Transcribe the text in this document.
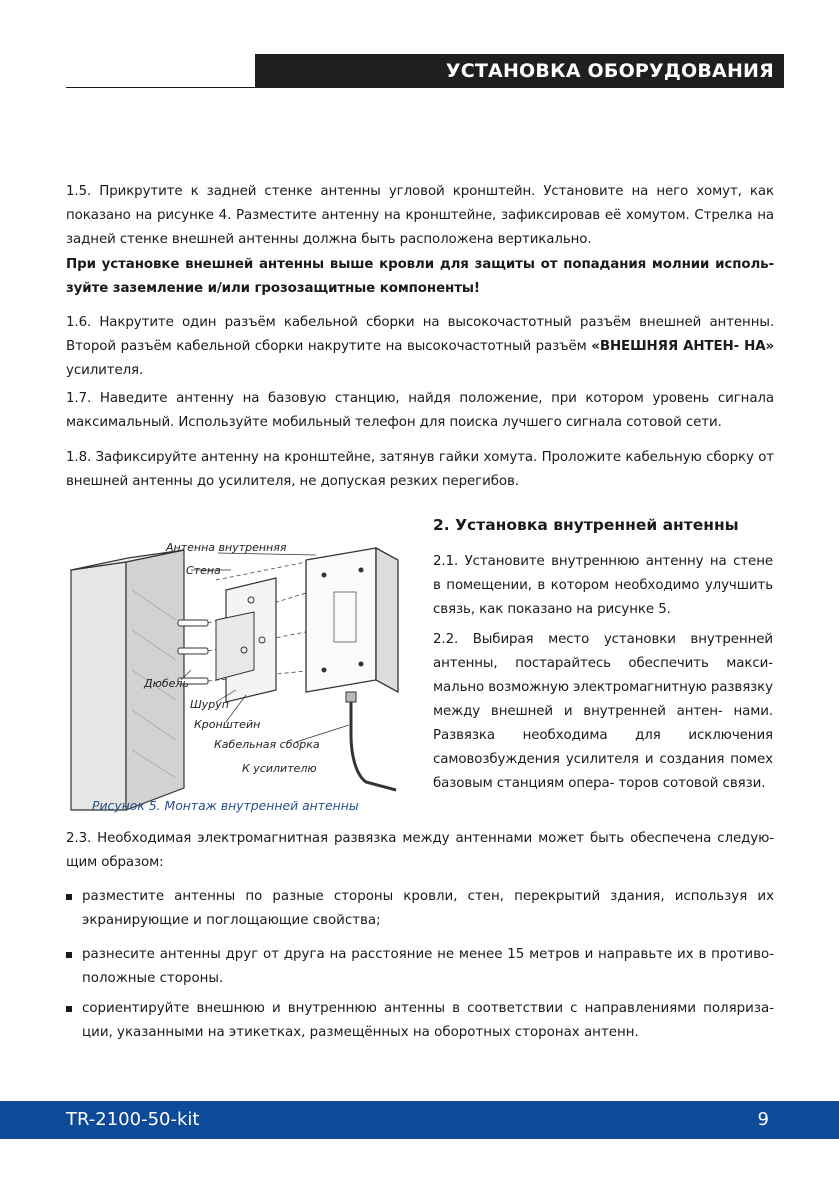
УСТАНОВКА ОБОРУДОВАНИЯ

1.5. Прикрутите к задней стенке антенны угловой кронштейн. Установите на него хомут, как показано на рисунке 4. Разместите антенну на кронштейне, зафиксировав её хомутом. Стрелка на задней стенке внешней антенны должна быть расположена вертикально.

При установке внешней антенны выше кровли для защиты от попадания молнии исполь- зуйте заземление и/или грозозащитные компоненты!

1.6. Накрутите один разъём кабельной сборки на высокочастотный разъём внешней антенны. Второй разъём кабельной сборки накрутите на высокочастотный разъём «ВНЕШНЯЯ АНТЕН- НА» усилителя.

1.7. Наведите антенну на базовую станцию, найдя положение, при котором уровень сигнала максимальный. Используйте мобильный телефон для поиска лучшего сигнала сотовой сети.

1.8. Зафиксируйте антенну на кронштейне, затянув гайки хомута. Проложите кабельную сборку от внешней антенны до усилителя, не допуская резких перегибов.

Антенна внутренняя
Стена
Дюбель
Шуруп
Кронштейн
Кабельная сборка
К усилителю
Рисунок 5. Монтаж внутренней антенны
2. Установка внутренней антенны

2.1. Установите внутреннюю антенну на стене в помещении, в котором необходимо улучшить связь, как показано на рисунке 5.

2.2. Выбирая место установки внутренней антенны, постарайтесь обеспечить макси- мально возможную электромагнитную развязку между внешней и внутренней антен- нами. Развязка необходима для исключения самовозбуждения усилителя и создания помех базовым станциям опера- торов сотовой связи.

2.3. Необходимая электромагнитная развязка между антеннами может быть обеспечена следую- щим образом:

разместите антенны по разные стороны кровли, стен, перекрытий здания, используя их экранирующие и поглощающие свойства;
разнесите антенны друг от друга на расстояние не менее 15 метров и направьте их в противо- положные стороны.
сориентируйте внешнюю и внутреннюю антенны в соответствии с направлениями поляриза- ции, указанными на этикетках, размещённых на оборотных сторонах антенн.
TR-2100-50-kit	9
